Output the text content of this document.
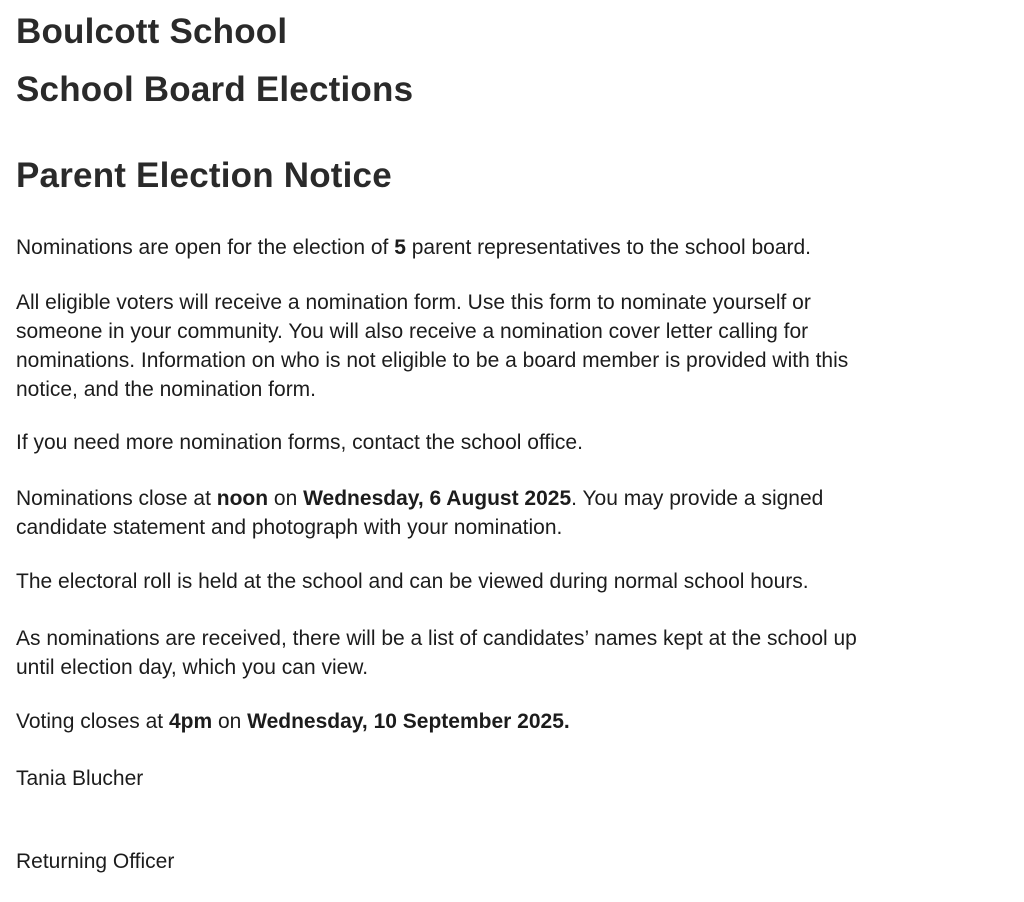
Boulcott School
School Board Elections
Parent Election Notice

Nominations are open for the election of 5 parent representatives to the school board.

All eligible voters will receive a nomination form. Use this form to nominate yourself or
someone in your community. You will also receive a nomination cover letter calling for
nominations. Information on who is not eligible to be a board member is provided with this
notice, and the nomination form.

If you need more nomination forms, contact the school office.

Nominations close at noon on Wednesday, 6 August 2025. You may provide a signed
candidate statement and photograph with your nomination.

The electoral roll is held at the school and can be viewed during normal school hours.

As nominations are received, there will be a list of candidates’ names kept at the school up
until election day, which you can view.

Voting closes at 4pm on Wednesday, 10 September 2025.

Tania Blucher

Returning Officer
